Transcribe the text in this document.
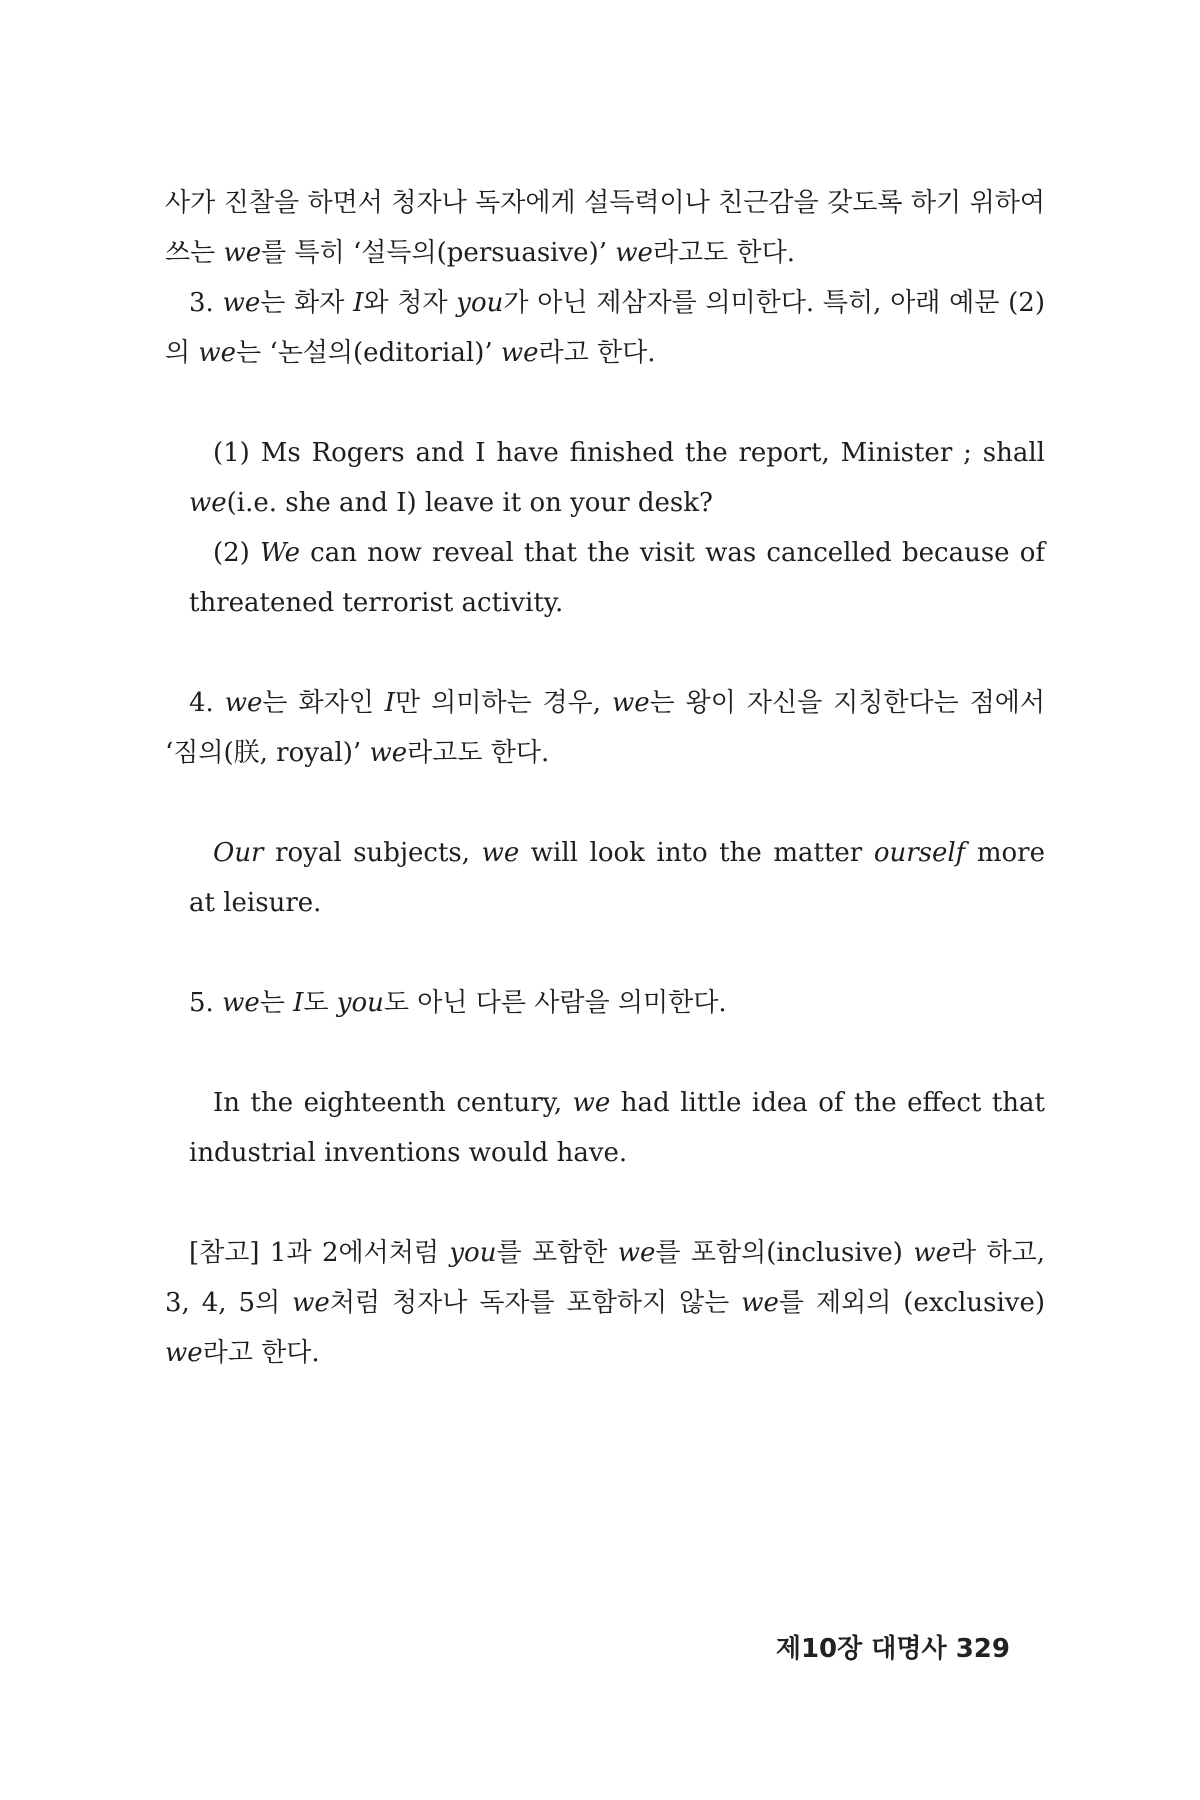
사가 진찰을 하면서 청자나 독자에게 설득력이나 친근감을 갖도록 하기 위하여 쓰는 we를 특히 ‘설득의(persuasive)’ we라고도 한다.

3. we는 화자 I와 청자 you가 아닌 제삼자를 의미한다. 특히, 아래 예문 (2)의 we는 ‘논설의(editorial)’ we라고 한다.

(1) Ms Rogers and I have finished the report, Minister ; shall we(i.e. she and I) leave it on your desk?

(2) We can now reveal that the visit was cancelled because of threatened terrorist activity.

4. we는 화자인 I만 의미하는 경우, we는 왕이 자신을 지칭한다는 점에서 ‘짐의(朕, royal)’ we라고도 한다.

Our royal subjects, we will look into the matter ourself more at leisure.

5. we는 I도 you도 아닌 다른 사람을 의미한다.

In the eighteenth century, we had little idea of the effect that industrial inventions would have.

[참고] 1과 2에서처럼 you를 포함한 we를 포함의(inclusive) we라 하고, 3, 4, 5의 we처럼 청자나 독자를 포함하지 않는 we를 제외의 (exclusive) we라고 한다.

제10장 대명사 329
